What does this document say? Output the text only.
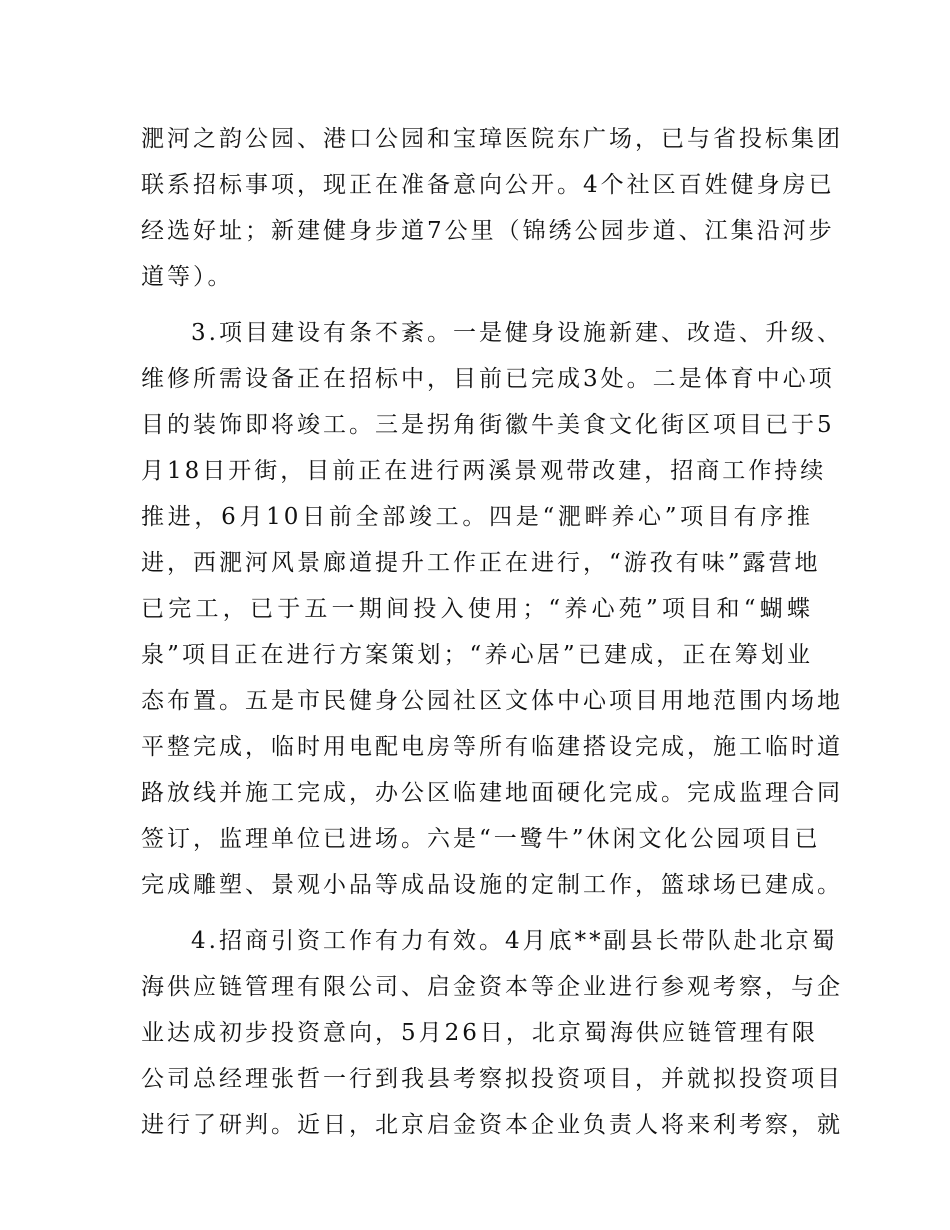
淝河之韵公园、港口公园和宝璋医院东广场，已与省投标集团
联系招标事项，现正在准备意向公开。4个社区百姓健身房已
经选好址；新建健身步道7公里（锦绣公园步道、江集沿河步
道等）。
3.项目建设有条不紊。一是健身设施新建、改造、升级、
维修所需设备正在招标中，目前已完成3处。二是体育中心项
目的装饰即将竣工。三是拐角街徽牛美食文化街区项目已于5
月18日开街，目前正在进行两溪景观带改建，招商工作持续
推进，6月10日前全部竣工。四是“淝畔养心”项目有序推
进，西淝河风景廊道提升工作正在进行，“游孜有味”露营地
已完工，已于五一期间投入使用；“养心苑”项目和“蝴蝶
泉”项目正在进行方案策划；“养心居”已建成，正在筹划业
态布置。五是市民健身公园社区文体中心项目用地范围内场地
平整完成，临时用电配电房等所有临建搭设完成，施工临时道
路放线并施工完成，办公区临建地面硬化完成。完成监理合同
签订，监理单位已进场。六是“一鹭牛”休闲文化公园项目已
完成雕塑、景观小品等成品设施的定制工作，篮球场已建成。
4.招商引资工作有力有效。4月底**副县长带队赴北京蜀
海供应链管理有限公司、启金资本等企业进行参观考察，与企
业达成初步投资意向，5月26日，北京蜀海供应链管理有限
公司总经理张哲一行到我县考察拟投资项目，并就拟投资项目
进行了研判。近日，北京启金资本企业负责人将来利考察，就
